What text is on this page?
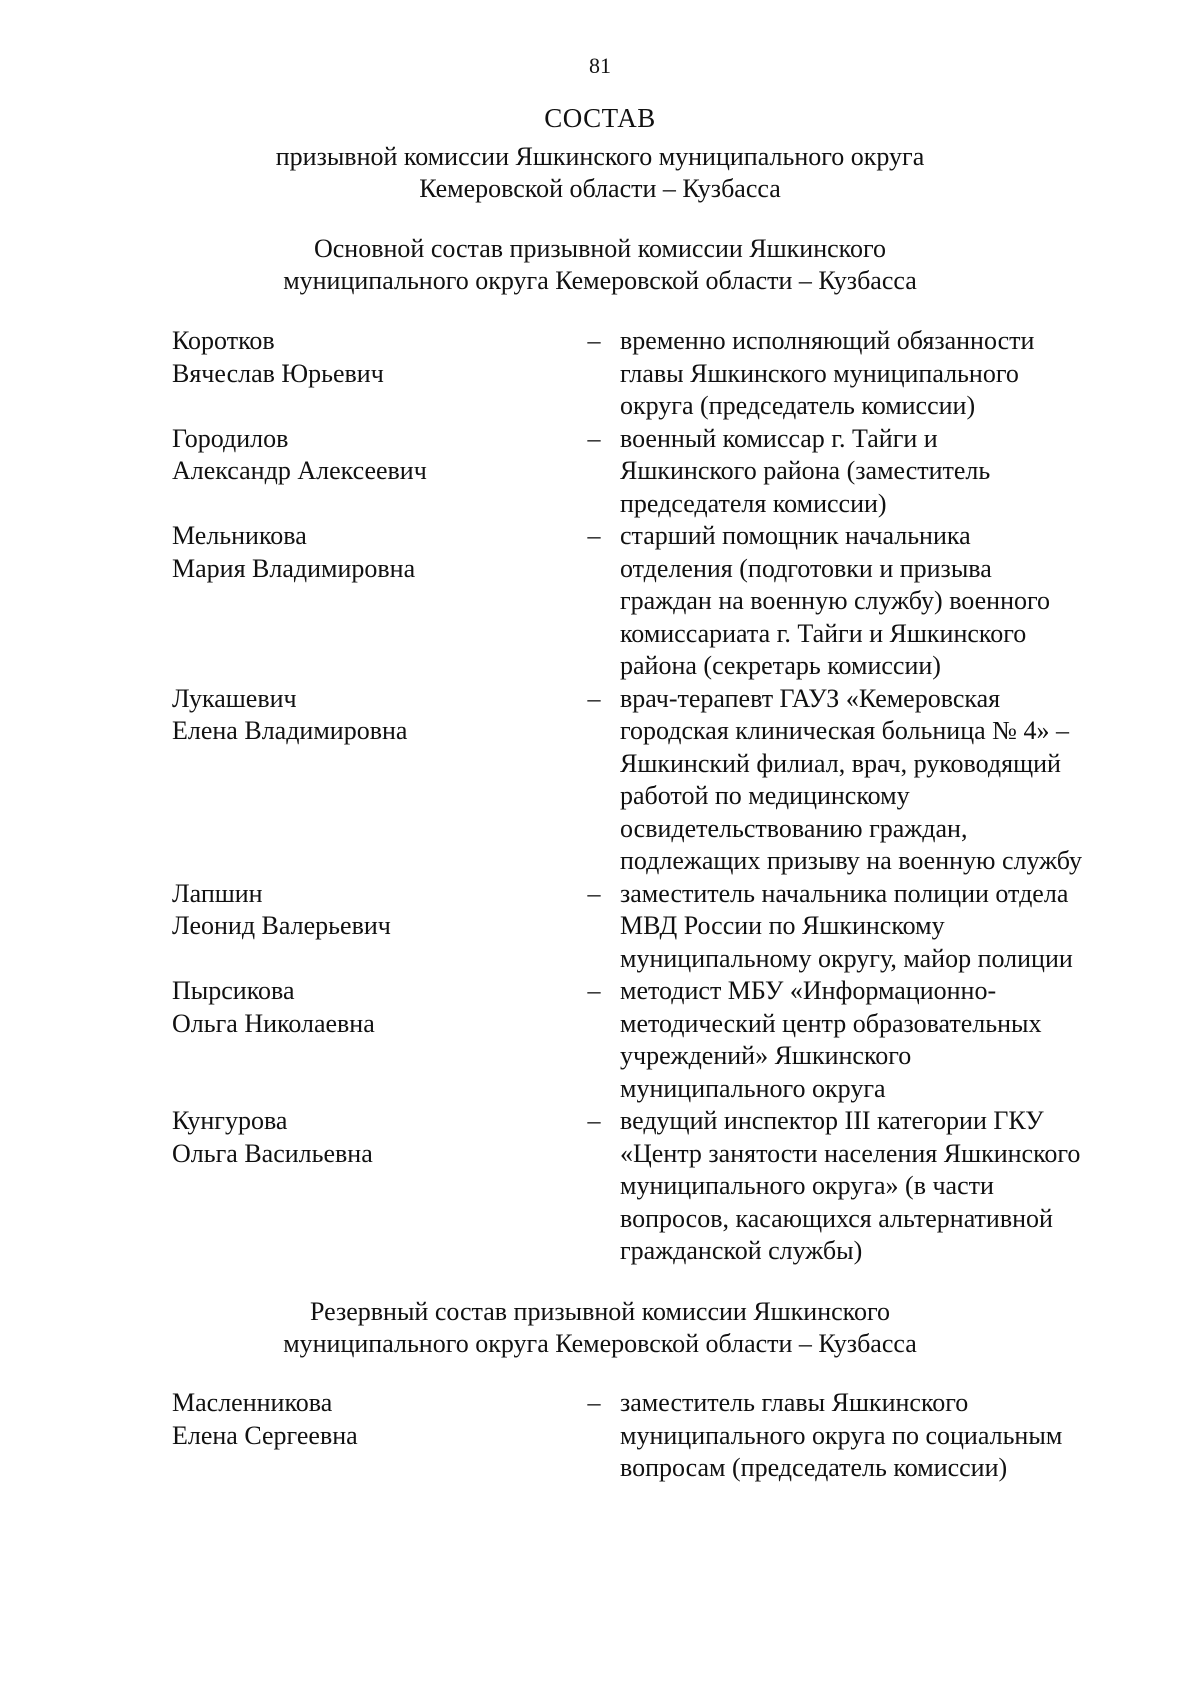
81
СОСТАВ
призывной комиссии Яшкинского муниципального округа
Кемеровской области – Кузбасса
Основной состав призывной комиссии Яшкинского
муниципального округа Кемеровской области – Кузбасса
Коротков
Вячеслав Юрьевич
– временно исполняющий обязанности
главы Яшкинского муниципального
округа (председатель комиссии)
Городилов
Александр Алексеевич
– военный комиссар г. Тайги и
Яшкинского района (заместитель
председателя комиссии)
Мельникова
Мария Владимировна
– старший помощник начальника
отделения (подготовки и призыва
граждан на военную службу) военного
комиссариата г. Тайги и Яшкинского
района (секретарь комиссии)
Лукашевич
Елена Владимировна
– врач-терапевт ГАУЗ «Кемеровская
городская клиническая больница № 4» –
Яшкинский филиал, врач, руководящий
работой по медицинскому
освидетельствованию граждан,
подлежащих призыву на военную службу
Лапшин
Леонид Валерьевич
– заместитель начальника полиции отдела
МВД России по Яшкинскому
муниципальному округу, майор полиции
Пырсикова
Ольга Николаевна
– методист МБУ «Информационно-
методический центр образовательных
учреждений» Яшкинского
муниципального округа
Кунгурова
Ольга Васильевна
– ведущий инспектор III категории ГКУ
«Центр занятости населения Яшкинского
муниципального округа» (в части
вопросов, касающихся альтернативной
гражданской службы)
Резервный состав призывной комиссии Яшкинского
муниципального округа Кемеровской области – Кузбасса
Масленникова
Елена Сергеевна
– заместитель главы Яшкинского
муниципального округа по социальным
вопросам (председатель комиссии)
